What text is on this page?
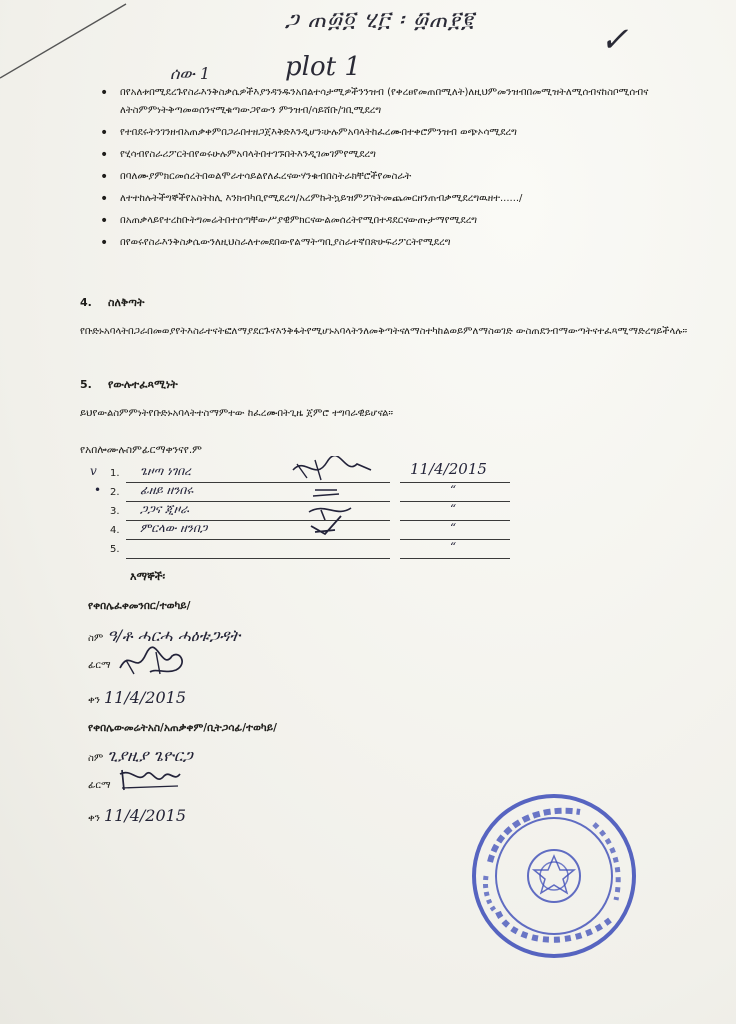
ጋ ጠ፴፬ ሂ፫ ፡ ፴ጠ፻፪	✓
ሰው 1	plot 1
• በየአለቱበሚደረጉየስራእንቅስቃሴዎችእያንዳንዱንአበልተሳታሚዎችንንዝብ (የቀረፀየመጠበሚለት)ለዚህምመንዝብበመሚዝትለሚሰብናከስቦሚሰብና ለትስምምነትቅጣመወሰንናሚቁጣውጋየውን ምንዝብ/ሳይሸቡ/ገቢሚደረግ
• የተበደሩትንገንዘብአጠቃቀምበጋራበተዘጋጀእቅድእንዲሆን፡ሁሉምአባላትከፈረሙበተቀሮምንዝብ ወጭኦሳሚደረግ
• የሂሳብየስራሪፖርትበየወሩሁሉምአባላትበተገኙበትእንዲገመገምየሚደረግ
• በባለሙያምክርመሰረትበወልሞራተሳይልየለፈረናውሃንቁብበስትራክቸሮችየመስራት
• ለተተከሉትችግኞችየአስትከሊ እንክብካቢየሚደረግ/አረምኩትኳይዝምፖስትመጨመርዘንጠብቃሚደረግዉዘተ....../
• በአጠቃላይየተረከቡትግመሬትበተሰጣቸውሥያዊምክርናውልመሰረትየሚበተዳደርናውጡታማየሚደረግ
• በየወሩየስራእንቅስቃሴውንለዚህስራለተመደበውየልማትጣቢያስራተኛበጽሁፍሪፖርትየሚደረግ
4. ስለቅጣት
የቡድኑአባላትበጋራበመወያየትእስራተናትፎለማያደርጉናእንቅፋትየሚሆኑአባላትንለመቅጣትናለማስተካከልወይምለማስወገድ ውስጠደንብማውጣትናተፈጻሚማድረግይችላሉ።
5. የውሉተፈጻሚነት
ይህየውልስምምነትየቡድኑአባላትተስማምተው ከፈረሙበትጊዜ ጀምሮ ተግባራዊይሆናል።
የአበሎሙሉስምፊርማቀንናየ.ም
v 1. ጌዞጣ ነገበረ	11/4/2015
• 2. ፊዘይ ዘንበሩ	“
3. ጋጋና ጂዞራ	“
4. ምርላው ዘንበጋ	“
5.	“
እማኞች፡
የቀበሌፈቀመንበር/ተወካይ/
ስም ዓ/ቶ ሓርሓ ሓዕቱጋዳት
ፊርማ
ቀን 11/4/2015
የቀበሌውመሬትአስ/አጠቃቀም/ቢትጋሳፊ/ተወካይ/
ስም ጊያዚያ ጌዮርጋ
ፊርማ
ቀን 11/4/2015
